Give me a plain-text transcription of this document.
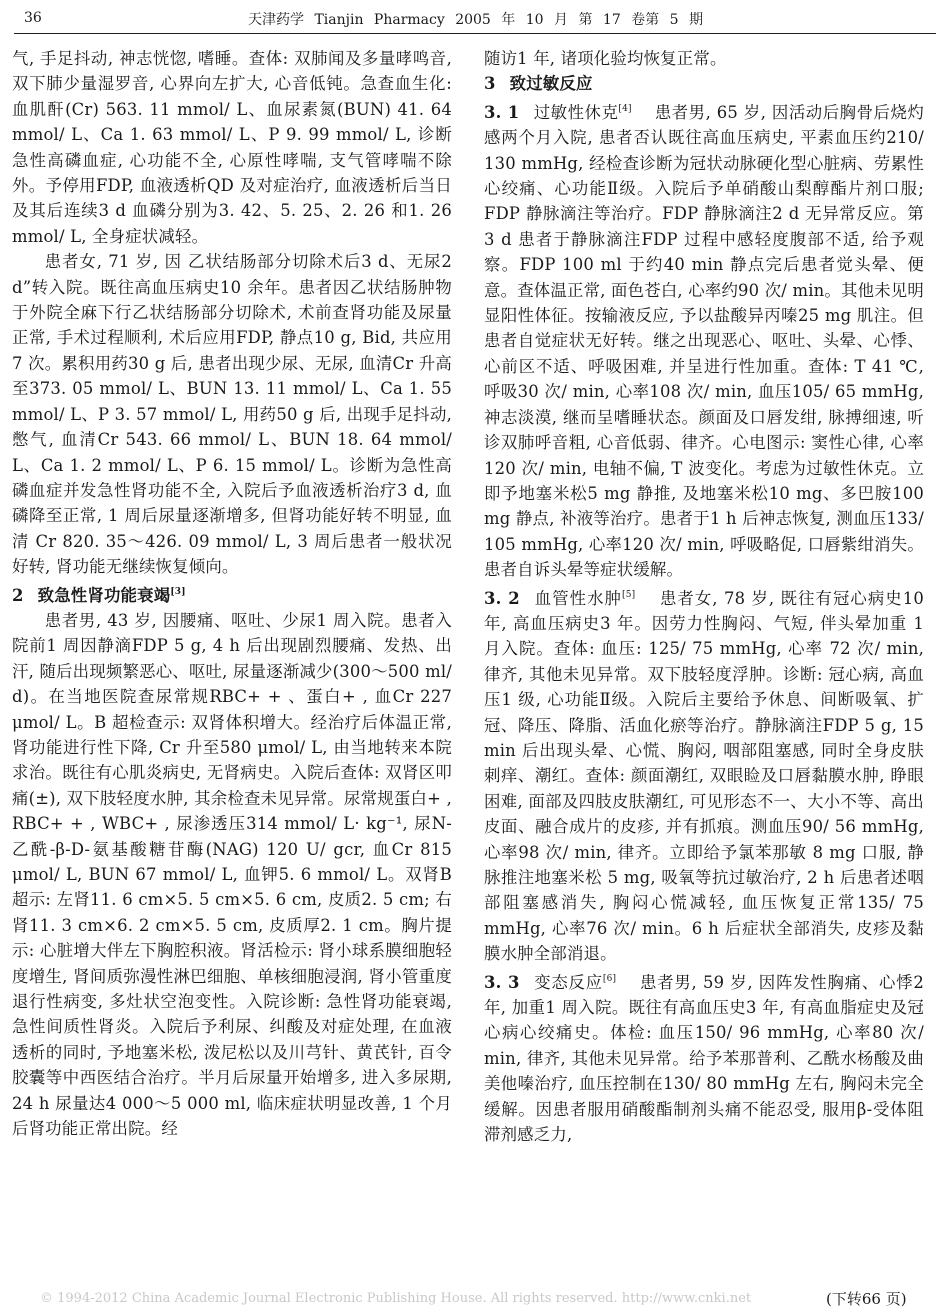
36	天津药学 Tianjin Pharmacy 2005 年 10 月 第 17 卷第 5 期

气, 手足抖动, 神志恍惚, 嗜睡。查体: 双肺闻及多量哮鸣音, 双下肺少量湿罗音, 心界向左扩大, 心音低钝。急查血生化: 血肌酐(Cr) 563. 11 mmol/ L、血尿素氮(BUN) 41. 64 mmol/ L、Ca 1. 63 mmol/ L、P 9. 99 mmol/ L, 诊断急性高磷血症, 心功能不全, 心原性哮喘, 支气管哮喘不除外。予停用FDP, 血液透析QD 及对症治疗, 血液透析后当日及其后连续3 d 血磷分别为3. 42、5. 25、2. 26 和1. 26 mmol/ L, 全身症状减轻。

患者女, 71 岁, 因 乙状结肠部分切除术后3 d、无尿2 d”转入院。既往高血压病史10 余年。患者因乙状结肠肿物于外院全麻下行乙状结肠部分切除术, 术前查肾功能及尿量正常, 手术过程顺利, 术后应用FDP, 静点10 g, Bid, 共应用7 次。累积用药30 g 后, 患者出现少尿、无尿, 血清Cr 升高至373. 05 mmol/ L、BUN 13. 11 mmol/ L、Ca 1. 55 mmol/ L、P 3. 57 mmol/ L, 用药50 g 后, 出现手足抖动, 憋气, 血清Cr 543. 66 mmol/ L、BUN 18. 64 mmol/ L、Ca 1. 2 mmol/ L、P 6. 15 mmol/ L。诊断为急性高磷血症并发急性肾功能不全, 入院后予血液透析治疗3 d, 血磷降至正常, 1 周后尿量逐渐增多, 但肾功能好转不明显, 血清 Cr 820. 35～426. 09 mmol/ L, 3 周后患者一般状况好转, 肾功能无继续恢复倾向。

2 致急性肾功能衰竭[3]

患者男, 43 岁, 因腰痛、呕吐、少尿1 周入院。患者入院前1 周因静滴FDP 5 g, 4 h 后出现剧烈腰痛、发热、出汗, 随后出现频繁恶心、呕吐, 尿量逐渐减少(300～500 ml/ d)。在当地医院查尿常规RBC+ + 、蛋白+ , 血Cr 227 μmol/ L。B 超检查示: 双肾体积增大。经治疗后体温正常, 肾功能进行性下降, Cr 升至580 μmol/ L, 由当地转来本院求治。既往有心肌炎病史, 无肾病史。入院后查体: 双肾区叩痛(±), 双下肢轻度水肿, 其余检查未见异常。尿常规蛋白+ , RBC+ + , WBC+ , 尿渗透压314 mmol/ L· kg⁻¹, 尿N-乙酰-β-D-氨基酸糖苷酶(NAG) 120 U/ gcr, 血Cr 815 μmol/ L, BUN 67 mmol/ L, 血钾5. 6 mmol/ L。双肾B 超示: 左肾11. 6 cm×5. 5 cm×5. 6 cm, 皮质2. 5 cm; 右肾11. 3 cm×6. 2 cm×5. 5 cm, 皮质厚2. 1 cm。胸片提示: 心脏增大伴左下胸腔积液。肾活检示: 肾小球系膜细胞轻度增生, 肾间质弥漫性淋巴细胞、单核细胞浸润, 肾小管重度退行性病变, 多灶状空泡变性。入院诊断: 急性肾功能衰竭, 急性间质性肾炎。入院后予利尿、纠酸及对症处理, 在血液透析的同时, 予地塞米松, 泼尼松以及川芎针、黄芪针, 百令胶囊等中西医结合治疗。半月后尿量开始增多, 进入多尿期, 24 h 尿量达4 000～5 000 ml, 临床症状明显改善, 1 个月后肾功能正常出院。经

随访1 年, 诸项化验均恢复正常。

3 致过敏反应

3. 1 过敏性休克[4]　 患者男, 65 岁, 因活动后胸骨后烧灼感两个月入院, 患者否认既往高血压病史, 平素血压约210/ 130 mmHg, 经检查诊断为冠状动脉硬化型心脏病、劳累性心绞痛、心功能Ⅱ级。入院后予单硝酸山梨醇酯片剂口服; FDP 静脉滴注等治疗。FDP 静脉滴注2 d 无异常反应。第3 d 患者于静脉滴注FDP 过程中感轻度腹部不适, 给予观察。FDP 100 ml 于约40 min 静点完后患者觉头晕、便意。查体温正常, 面色苍白, 心率约90 次/ min。其他未见明显阳性体征。按输液反应, 予以盐酸异丙嗪25 mg 肌注。但患者自觉症状无好转。继之出现恶心、呕吐、头晕、心悸、心前区不适、呼吸困难, 并呈进行性加重。查体: T 41 ℃, 呼吸30 次/ min, 心率108 次/ min, 血压105/ 65 mmHg, 神志淡漠, 继而呈嗜睡状态。颜面及口唇发绀, 脉搏细速, 听诊双肺呼音粗, 心音低弱、律齐。心电图示: 窦性心律, 心率 120 次/ min, 电轴不偏, T 波变化。考虑为过敏性休克。立即予地塞米松5 mg 静推, 及地塞米松10 mg、多巴胺100 mg 静点, 补液等治疗。患者于1 h 后神志恢复, 测血压133/ 105 mmHg, 心率120 次/ min, 呼吸略促, 口唇紫绀消失。患者自诉头晕等症状缓解。

3. 2 血管性水肿[5]　 患者女, 78 岁, 既往有冠心病史10 年, 高血压病史3 年。因劳力性胸闷、气短, 伴头晕加重 1 月入院。查体: 血压: 125/ 75 mmHg, 心率 72 次/ min, 律齐, 其他未见异常。双下肢轻度浮肿。诊断: 冠心病, 高血压1 级, 心功能Ⅱ级。入院后主要给予休息、间断吸氧、扩冠、降压、降脂、活血化瘀等治疗。静脉滴注FDP 5 g, 15 min 后出现头晕、心慌、胸闷, 咽部阻塞感, 同时全身皮肤刺痒、潮红。查体: 颜面潮红, 双眼睑及口唇黏膜水肿, 睁眼困难, 面部及四肢皮肤潮红, 可见形态不一、大小不等、高出皮面、融合成片的皮疹, 并有抓痕。测血压90/ 56 mmHg, 心率98 次/ min, 律齐。立即给予氯苯那敏 8 mg 口服, 静脉推注地塞米松 5 mg, 吸氧等抗过敏治疗, 2 h 后患者述咽部阻塞感消失, 胸闷心慌减轻, 血压恢复正常135/ 75 mmHg, 心率76 次/ min。6 h 后症状全部消失, 皮疹及黏膜水肿全部消退。

3. 3 变态反应[6]　 患者男, 59 岁, 因阵发性胸痛、心悸2 年, 加重1 周入院。既往有高血压史3 年, 有高血脂症史及冠心病心绞痛史。体检: 血压150/ 96 mmHg, 心率80 次/ min, 律齐, 其他未见异常。给予苯那普利、乙酰水杨酸及曲美他嗪治疗, 血压控制在130/ 80 mmHg 左右, 胸闷未完全缓解。因患者服用硝酸酯制剂头痛不能忍受, 服用β-受体阻滞剂感乏力,

© 1994-2012 China Academic Journal Electronic Publishing House. All rights reserved. http://www.cnki.net	(下转66 页)
